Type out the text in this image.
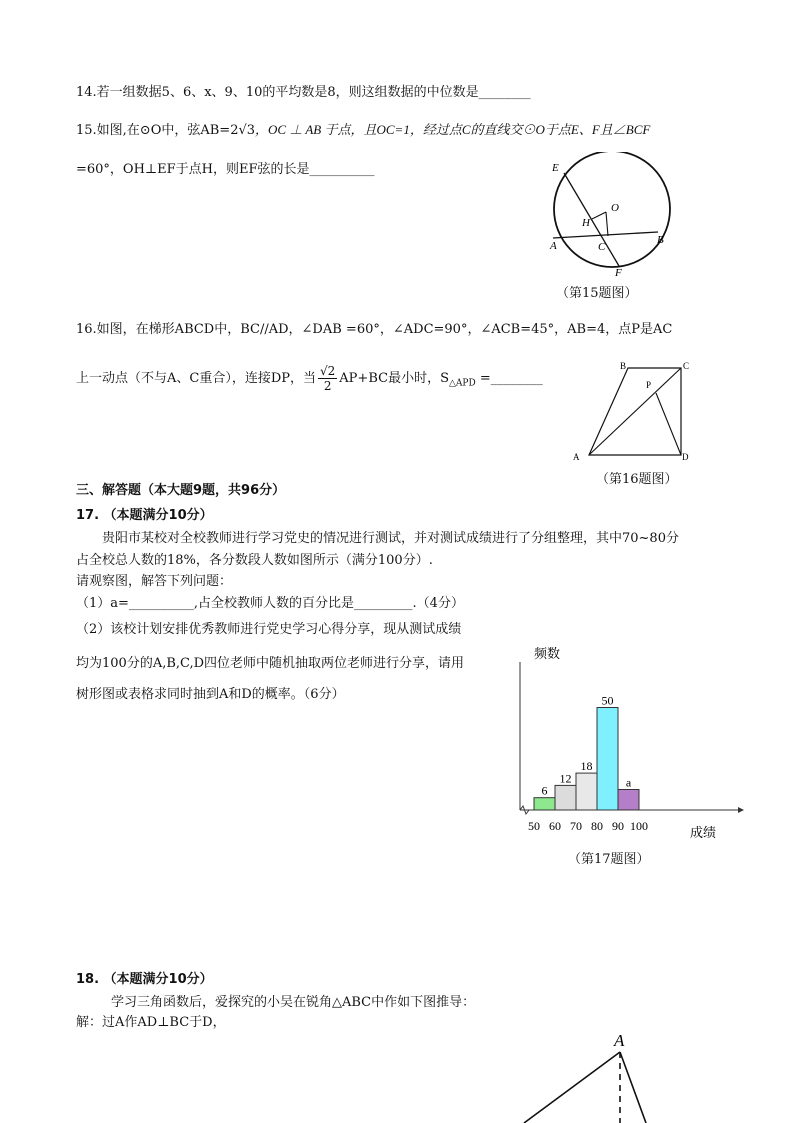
14.若一组数据5、6、x、9、10的平均数是8，则这组数据的中位数是________
15.如图,在⊙O中，弦AB=2√3，OC ⊥ AB 于点，且OC=1，经过点C的直线交⊙O于点E、F且∠BCF
=60°，OH⊥EF于点H，则EF弦的长是__________	E
O
H
C
A	B
F
（第15题图）
16.如图，在梯形ABCD中，BC//AD，∠DAB =60°，∠ADC=90°，∠ACB=45°，AB=4，点P是AC
上一动点（不与A、C重合），连接DP，当 $\frac{√2}{2} AP+BC$最小时，$S_{\triangle APD}$ =________
B	C
P
A	D
（第16题图）
三、解答题（本大题9题，共96分）
17. （本题满分10分）
贵阳市某校对全校教师进行学习党史的情况进行测试，并对测试成绩进行了分组整理，其中70~80分
占全校总人数的18%，各分数段人数如图所示（满分100分）.
请观察图，解答下列问题：
（1）a=__________,占全校教师人数的百分比是_________.（4分）
（2）该校计划安排优秀教师进行党史学习心得分享，现从测试成绩
均为100分的A,B,C,D四位老师中随机抽取两位老师进行分享，请用
树形图或表格求同时抽到A和D的概率。（6分）
频数
成绩
50 60 70 80 90 100
6
12
18
50
a
（第17题图）
18. （本题满分10分）
学习三角函数后，爱探究的小吴在锐角△ABC中作如下图推导：
解：过A作AD⊥BC于D，
A
